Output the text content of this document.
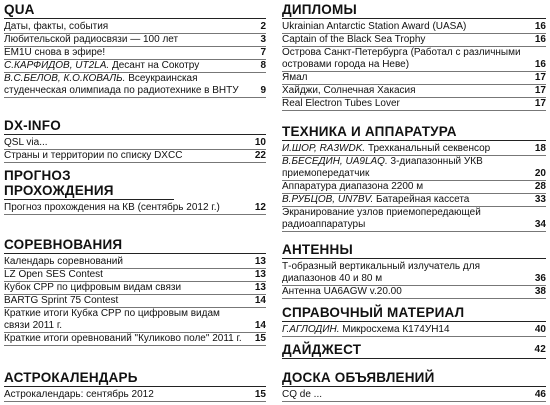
QUA
Даты, факты, события	2
Любительской радиосвязи — 100 лет	3
EM1U снова в эфире!	7
С.КАРФИДОВ, UT2LA. Десант на Сокотру	8
В.С.БЕЛОВ, К.О.КОВАЛЬ. Всеукраинская студенческая олимпиада по радиотехнике в ВНТУ 9
DX-INFO
QSL via...	10
Страны и территории по списку DXCC	22
ПРОГНОЗ ПРОХОЖДЕНИЯ
Прогноз прохождения на КВ (сентябрь 2012 г.)	12
СОРЕВНОВАНИЯ
Календарь соревнований	13
LZ Open SES Contest	13
Кубок СРР по цифровым видам связи	13
BARTG Sprint 75 Contest	14
Краткие итоги Кубка СРР по цифровым видам связи 2011 г.	14
Краткие итоги оревнований "Куликово поле" 2011 г. 15
АСТРОКАЛЕНДАРЬ
Астрокалендарь: сентябрь 2012	15
ДИПЛОМЫ
Ukrainian Antarctic Station Award (UASA)	16
Captain of the Black Sea Trophy	16
Острова Санкт-Петербурга (Работал с различными островами города на Неве)	16
Ямал	17
Хайджи, Солнечная Хакасия	17
Real Electron Tubes Lover	17
ТЕХНИКА И АППАРАТУРА
И.ШОР, RA3WDK. Трехканальный секвенсор	18
В.БЕСЕДИН, UA9LAQ. 3-диапазонный УКВ приемопередатчик	20
Аппаратура диапазона 2200 м	28
В.РУБЦОВ, UN7BV. Батарейная кассета	33
Экранирование узлов приемопередающей радиоаппаратуры	34
АНТЕННЫ
Т-образный вертикальный излучатель для диапазонов 40 и 80 м	36
Антенна UA6AGW v.20.00	38
СПРАВОЧНЫЙ МАТЕРИАЛ
Г.АГЛОДИН. Микросхема К174УН14	40
ДАЙДЖЕСТ	42
ДОСКА ОБЪЯВЛЕНИЙ
CQ de ...	46
